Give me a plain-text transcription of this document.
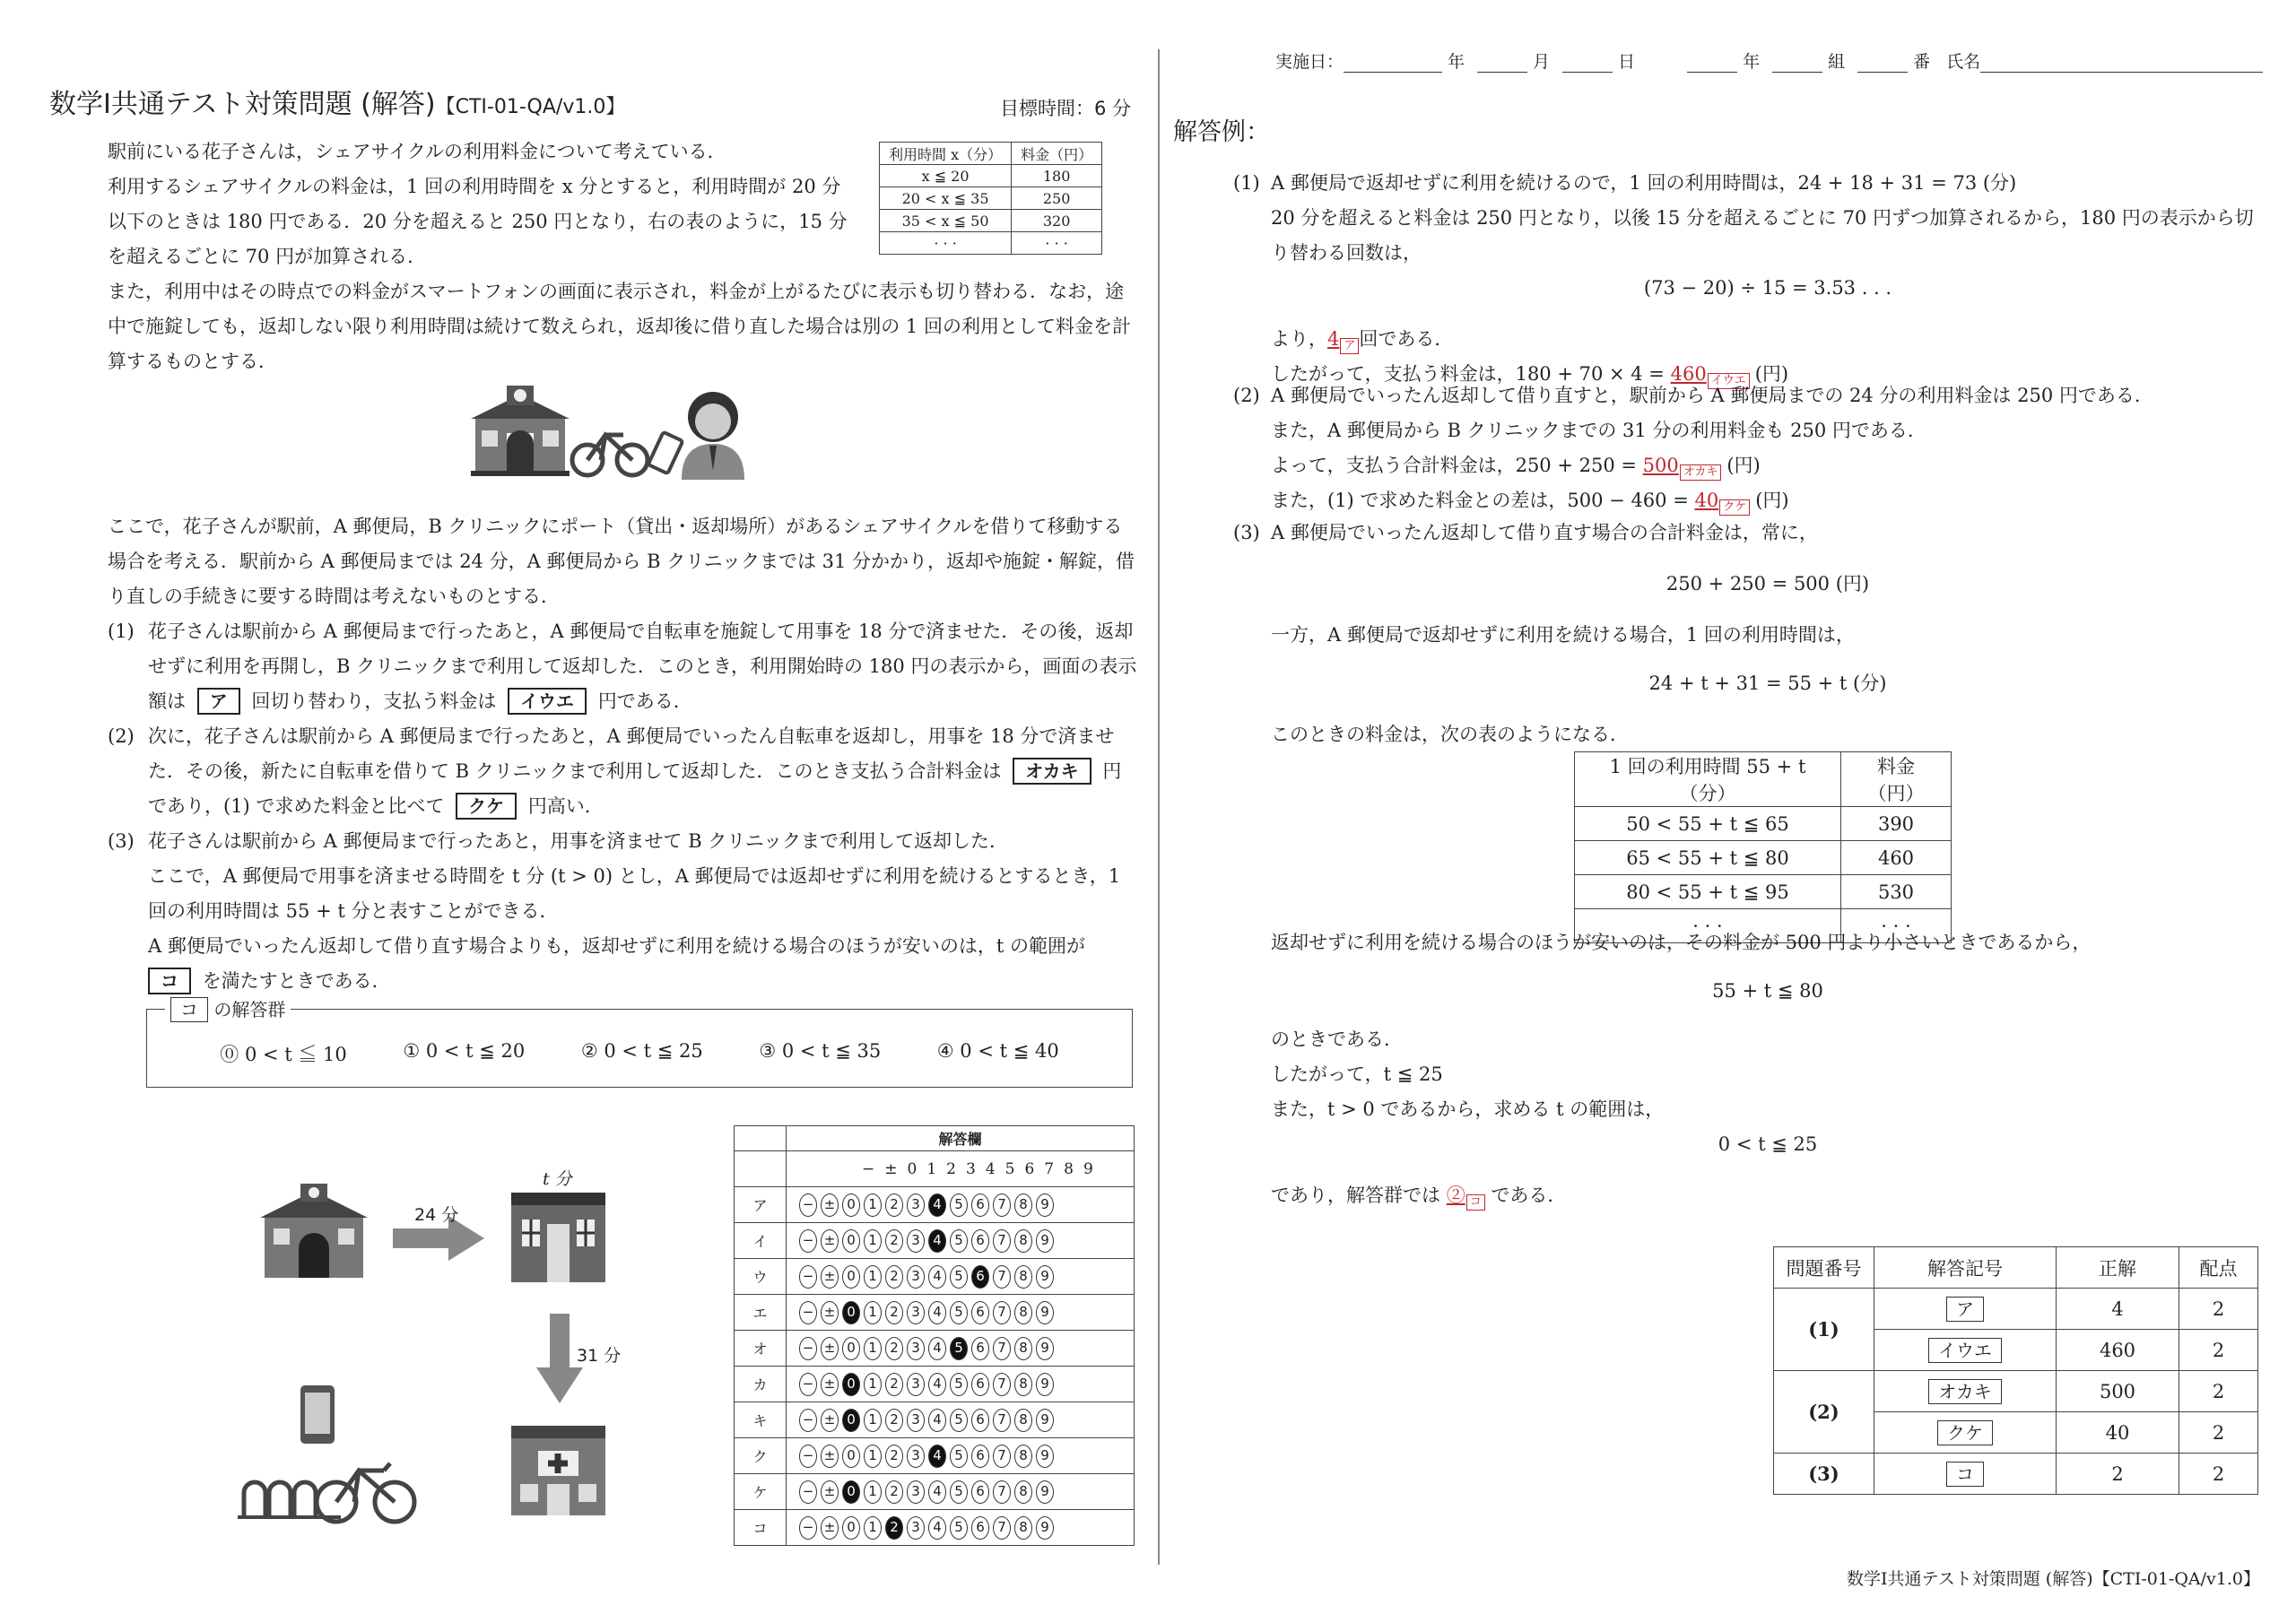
数学Ⅰ共通テスト対策問題 (解答)【CTI-01-QA/v1.0】	目標時間：6 分
駅前にいる花子さんは，シェアサイクルの利用料金について考えている．
利用するシェアサイクルの料金は，1 回の利用時間を x 分とすると，利用時間が 20 分以下のときは 180 円である．20 分を超えると 250 円となり，右の表のように，15 分を超えるごとに 70 円が加算される．
また，利用中はその時点での料金がスマートフォンの画面に表示され，料金が上がるたびに表示も切り替わる．なお，途中で施錠しても，返却しない限り利用時間は続けて数えられ，返却後に借り直した場合は別の 1 回の利用として料金を計算するものとする．
利用時間 x（分）	料金（円）
x ≦ 20	180
20 < x ≦ 35	250
35 < x ≦ 50	320
· · ·	· · ·
ここで，花子さんが駅前，A 郵便局，B クリニックにポート（貸出・返却場所）があるシェアサイクルを借りて移動する場合を考える．駅前から A 郵便局までは 24 分，A 郵便局から B クリニックまでは 31 分かかり，返却や施錠・解錠，借り直しの手続きに要する時間は考えないものとする．
(1) 花子さんは駅前から A 郵便局まで行ったあと，A 郵便局で自転車を施錠して用事を 18 分で済ませた．その後，返却せずに利用を再開し，B クリニックまで利用して返却した．このとき，利用開始時の 180 円の表示から，画面の表示額は ア 回切り替わり，支払う料金は イウエ 円である．
(2) 次に，花子さんは駅前から A 郵便局まで行ったあと，A 郵便局でいったん自転車を返却し，用事を 18 分で済ませた．その後，新たに自転車を借りて B クリニックまで利用して返却した．このとき支払う合計料金は オカキ 円であり，(1) で求めた料金と比べて クケ 円高い．
(3) 花子さんは駅前から A 郵便局まで行ったあと，用事を済ませて B クリニックまで利用して返却した．
ここで，A 郵便局で用事を済ませる時間を t 分 (t > 0) とし，A 郵便局では返却せずに利用を続けるとするとき，1 回の利用時間は 55 + t 分と表すことができる．
A 郵便局でいったん返却して借り直す場合よりも，返却せずに利用を続ける場合のほうが安いのは，t の範囲が コ を満たすときである．
コ の解答群
⓪ 0 < t ≦ 10	① 0 < t ≦ 20	② 0 < t ≦ 25	③ 0 < t ≦ 35	④ 0 < t ≦ 40
24 分
t 分
31 分
	解答欄
	−±0123456789
ア	− ± 0 1 2 3 4 5 6 7 8 9
イ	− ± 0 1 2 3 4 5 6 7 8 9
ウ	− ± 0 1 2 3 4 5 6 7 8 9
エ	− ± 0 1 2 3 4 5 6 7 8 9
オ	− ± 0 1 2 3 4 5 6 7 8 9
カ	− ± 0 1 2 3 4 5 6 7 8 9
キ	− ± 0 1 2 3 4 5 6 7 8 9
ク	− ± 0 1 2 3 4 5 6 7 8 9
ケ	− ± 0 1 2 3 4 5 6 7 8 9
コ	− ± 0 1 2 3 4 5 6 7 8 9
実施日：	年	月	日	年	組	番 氏名
解答例：
(1) A 郵便局で返却せずに利用を続けるので，1 回の利用時間は，24 + 18 + 31 = 73 (分)
20 分を超えると料金は 250 円となり，以後 15 分を超えるごとに 70 円ずつ加算されるから，180 円の表示から切り替わる回数は，
(73 − 20) ÷ 15 = 3.53 . . .
より，4 ア 回である．
したがって，支払う料金は，180 + 70 × 4 = 460 イウエ (円)
(2) A 郵便局でいったん返却して借り直すと，駅前から A 郵便局までの 24 分の利用料金は 250 円である．
また，A 郵便局から B クリニックまでの 31 分の利用料金も 250 円である．
よって，支払う合計料金は，250 + 250 = 500 オカキ (円)
また，(1) で求めた料金との差は，500 − 460 = 40 クケ (円)
(3) A 郵便局でいったん返却して借り直す場合の合計料金は，常に，
250 + 250 = 500 (円)
一方，A 郵便局で返却せずに利用を続ける場合，1 回の利用時間は，
24 + t + 31 = 55 + t (分)
このときの料金は，次の表のようになる．
1 回の利用時間 55 + t（分）	料金（円）
50 < 55 + t ≦ 65	390
65 < 55 + t ≦ 80	460
80 < 55 + t ≦ 95	530
· · ·	· · ·
返却せずに利用を続ける場合のほうが安いのは，その料金が 500 円より小さいときであるから，
55 + t ≦ 80
のときである．
したがって，t ≦ 25
また，t > 0 であるから，求める t の範囲は，
0 < t ≦ 25
であり，解答群では ② コ である．
問題番号	解答記号	正解	配点
(1)	ア	4	2
	イウエ	460	2
(2)	オカキ	500	2
	クケ	40	2
(3)	コ	2	2
数学Ⅰ共通テスト対策問題 (解答)【CTI-01-QA/v1.0】
